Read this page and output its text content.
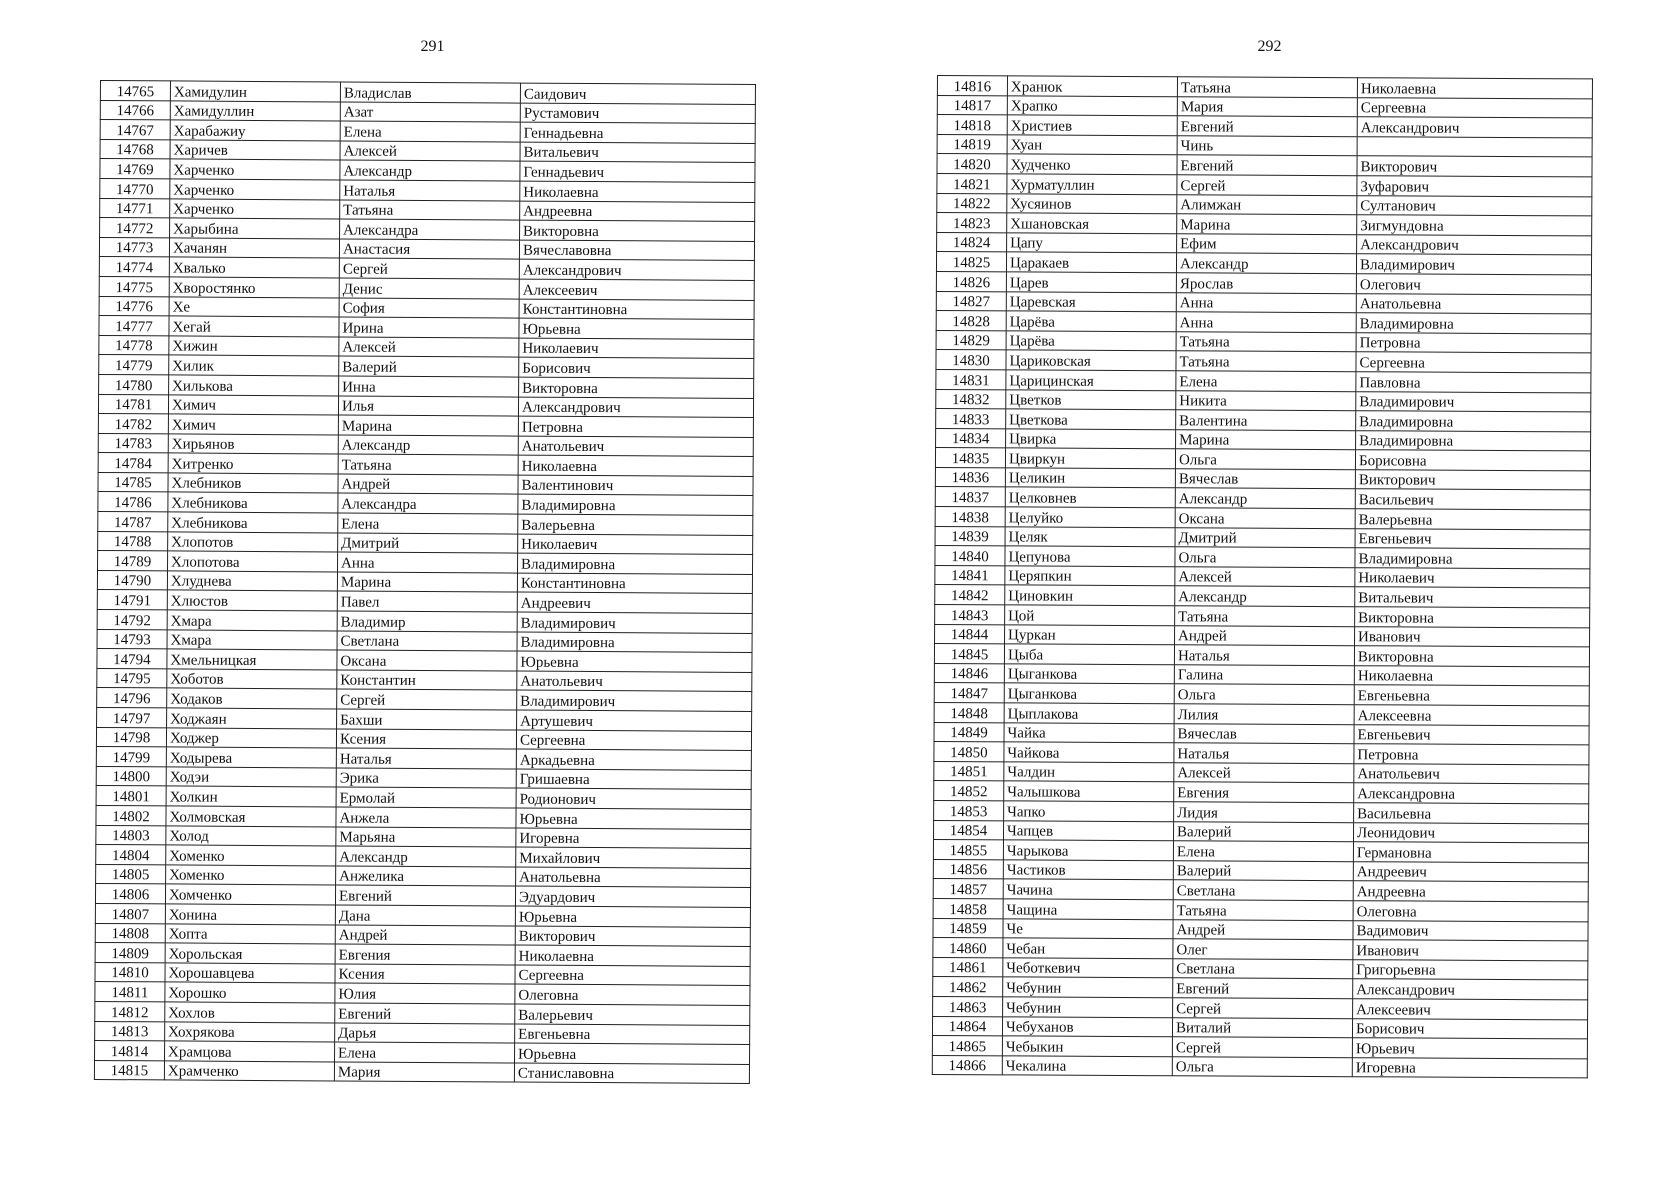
291
14765	Хамидулин	Владислав	Саидович
14766	Хамидуллин	Азат	Рустамович
14767	Харабажиу	Елена	Геннадьевна
14768	Харичев	Алексей	Витальевич
14769	Харченко	Александр	Геннадьевич
14770	Харченко	Наталья	Николаевна
14771	Харченко	Татьяна	Андреевна
14772	Харыбина	Александра	Викторовна
14773	Хачанян	Анастасия	Вячеславовна
14774	Хвалько	Сергей	Александрович
14775	Хворостянко	Денис	Алексеевич
14776	Хе	София	Константиновна
14777	Хегай	Ирина	Юрьевна
14778	Хижин	Алексей	Николаевич
14779	Хилик	Валерий	Борисович
14780	Хилькова	Инна	Викторовна
14781	Химич	Илья	Александрович
14782	Химич	Марина	Петровна
14783	Хирьянов	Александр	Анатольевич
14784	Хитренко	Татьяна	Николаевна
14785	Хлебников	Андрей	Валентинович
14786	Хлебникова	Александра	Владимировна
14787	Хлебникова	Елена	Валерьевна
14788	Хлопотов	Дмитрий	Николаевич
14789	Хлопотова	Анна	Владимировна
14790	Хлуднева	Марина	Константиновна
14791	Хлюстов	Павел	Андреевич
14792	Хмара	Владимир	Владимирович
14793	Хмара	Светлана	Владимировна
14794	Хмельницкая	Оксана	Юрьевна
14795	Хоботов	Константин	Анатольевич
14796	Ходаков	Сергей	Владимирович
14797	Ходжаян	Бахши	Артушевич
14798	Ходжер	Ксения	Сергеевна
14799	Ходырева	Наталья	Аркадьевна
14800	Ходэи	Эрика	Гришаевна
14801	Холкин	Ермолай	Родионович
14802	Холмовская	Анжела	Юрьевна
14803	Холод	Марьяна	Игоревна
14804	Хоменко	Александр	Михайлович
14805	Хоменко	Анжелика	Анатольевна
14806	Хомченко	Евгений	Эдуардович
14807	Хонина	Дана	Юрьевна
14808	Хопта	Андрей	Викторович
14809	Хорольская	Евгения	Николаевна
14810	Хорошавцева	Ксения	Сергеевна
14811	Хорошко	Юлия	Олеговна
14812	Хохлов	Евгений	Валерьевич
14813	Хохрякова	Дарья	Евгеньевна
14814	Храмцова	Елена	Юрьевна
14815	Храмченко	Мария	Станиславовна
292
14816	Хранюк	Татьяна	Николаевна
14817	Храпко	Мария	Сергеевна
14818	Христиев	Евгений	Александрович
14819	Хуан	Чинь	
14820	Худченко	Евгений	Викторович
14821	Хурматуллин	Сергей	Зуфарович
14822	Хусяинов	Алимжан	Султанович
14823	Хшановская	Марина	Зигмундовна
14824	Цапу	Ефим	Александрович
14825	Царакаев	Александр	Владимирович
14826	Царев	Ярослав	Олегович
14827	Царевская	Анна	Анатольевна
14828	Царёва	Анна	Владимировна
14829	Царёва	Татьяна	Петровна
14830	Цариковская	Татьяна	Сергеевна
14831	Царицинская	Елена	Павловна
14832	Цветков	Никита	Владимирович
14833	Цветкова	Валентина	Владимировна
14834	Цвирка	Марина	Владимировна
14835	Цвиркун	Ольга	Борисовна
14836	Целикин	Вячеслав	Викторович
14837	Целковнев	Александр	Васильевич
14838	Целуйко	Оксана	Валерьевна
14839	Целяк	Дмитрий	Евгеньевич
14840	Цепунова	Ольга	Владимировна
14841	Церяпкин	Алексей	Николаевич
14842	Циновкин	Александр	Витальевич
14843	Цой	Татьяна	Викторовна
14844	Цуркан	Андрей	Иванович
14845	Цыба	Наталья	Викторовна
14846	Цыганкова	Галина	Николаевна
14847	Цыганкова	Ольга	Евгеньевна
14848	Цыплакова	Лилия	Алексеевна
14849	Чайка	Вячеслав	Евгеньевич
14850	Чайкова	Наталья	Петровна
14851	Чалдин	Алексей	Анатольевич
14852	Чалышкова	Евгения	Александровна
14853	Чапко	Лидия	Васильевна
14854	Чапцев	Валерий	Леонидович
14855	Чарыкова	Елена	Германовна
14856	Частиков	Валерий	Андреевич
14857	Чачина	Светлана	Андреевна
14858	Чащина	Татьяна	Олеговна
14859	Че	Андрей	Вадимович
14860	Чебан	Олег	Иванович
14861	Чеботкевич	Светлана	Григорьевна
14862	Чебунин	Евгений	Александрович
14863	Чебунин	Сергей	Алексеевич
14864	Чебуханов	Виталий	Борисович
14865	Чебыкин	Сергей	Юрьевич
14866	Чекалина	Ольга	Игоревна
